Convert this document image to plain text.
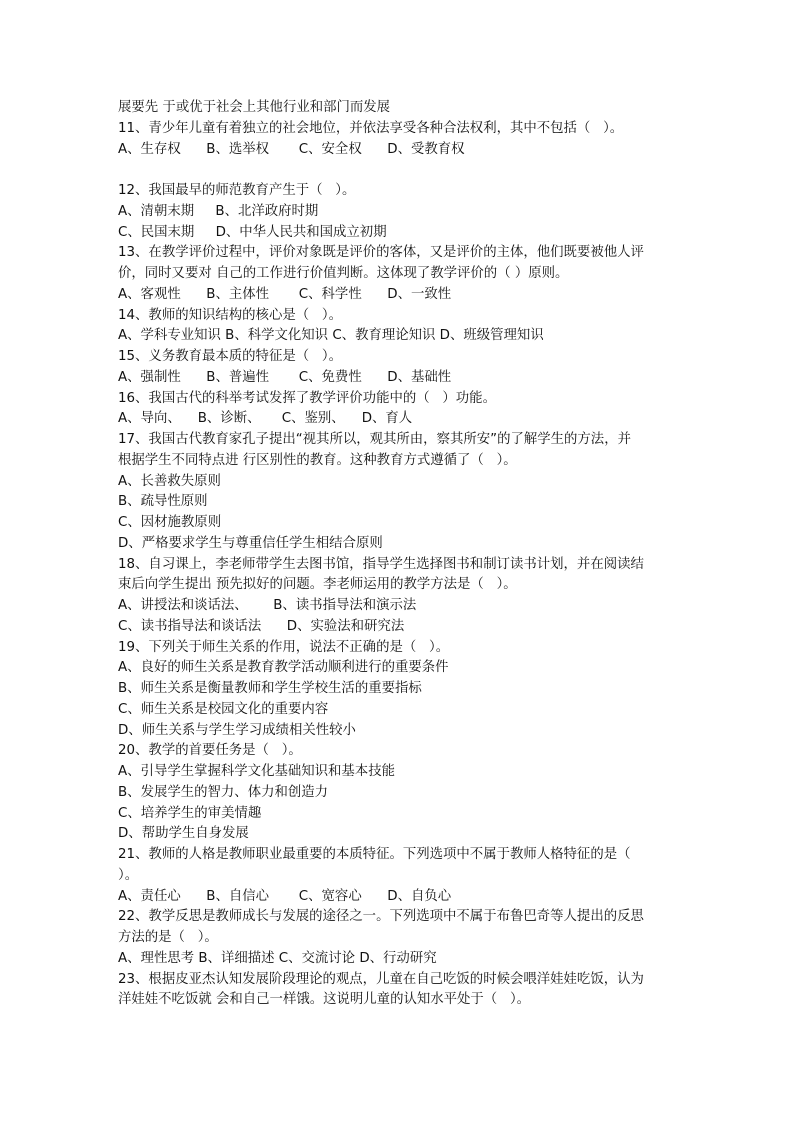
展要先 于或优于社会上其他行业和部门而发展
11、青少年儿童有着独立的社会地位，并依法享受各种合法权利，其中不包括（   ）。
A、生存权      B、选举权       C、安全权      D、受教育权
12、我国最早的师范教育产生于（   ）。
A、清朝末期     B、北洋政府时期
C、民国末期     D、中华人民共和国成立初期
13、在教学评价过程中，评价对象既是评价的客体，又是评价的主体，他们既要被他人评
价，同时又要对 自己的工作进行价值判断。这体现了教学评价的（ ）原则。
A、客观性      B、主体性       C、科学性      D、一致性
14、教师的知识结构的核心是（   ）。
A、学科专业知识 B、科学文化知识 C、教育理论知识 D、班级管理知识
15、义务教育最本质的特征是（   ）。
A、强制性      B、普遍性       C、免费性      D、基础性
16、我国古代的科举考试发挥了教学评价功能中的（   ）功能。
A、导向、    B、诊断、     C、鉴别、    D、育人
17、我国古代教育家孔子提出“视其所以，观其所由，察其所安”的了解学生的方法，并
根据学生不同特点进 行区别性的教育。这种教育方式遵循了（   ）。
A、长善救失原则
B、疏导性原则
C、因材施教原则
D、严格要求学生与尊重信任学生相结合原则
18、自习课上，李老师带学生去图书馆，指导学生选择图书和制订读书计划，并在阅读结
束后向学生提出 预先拟好的问题。李老师运用的教学方法是（   ）。
A、讲授法和谈话法、      B、读书指导法和演示法
C、读书指导法和谈话法      D、实验法和研究法
19、下列关于师生关系的作用，说法不正确的是（   ）。
A、良好的师生关系是教育教学活动顺利进行的重要条件
B、师生关系是衡量教师和学生学校生活的重要指标
C、师生关系是校园文化的重要内容
D、师生关系与学生学习成绩相关性较小
20、教学的首要任务是（   ）。
A、引导学生掌握科学文化基础知识和基本技能
B、发展学生的智力、体力和创造力
C、培养学生的审美情趣
D、帮助学生自身发展
21、教师的人格是教师职业最重要的本质特征。下列选项中不属于教师人格特征的是（
）。
A、责任心      B、自信心       C、宽容心      D、自负心
22、教学反思是教师成长与发展的途径之一。下列选项中不属于布鲁巴奇等人提出的反思
方法的是（   ）。
A、理性思考 B、详细描述 C、交流讨论 D、行动研究
23、根据皮亚杰认知发展阶段理论的观点，儿童在自己吃饭的时候会喂洋娃娃吃饭，认为
洋娃娃不吃饭就 会和自己一样饿。这说明儿童的认知水平处于（   ）。
